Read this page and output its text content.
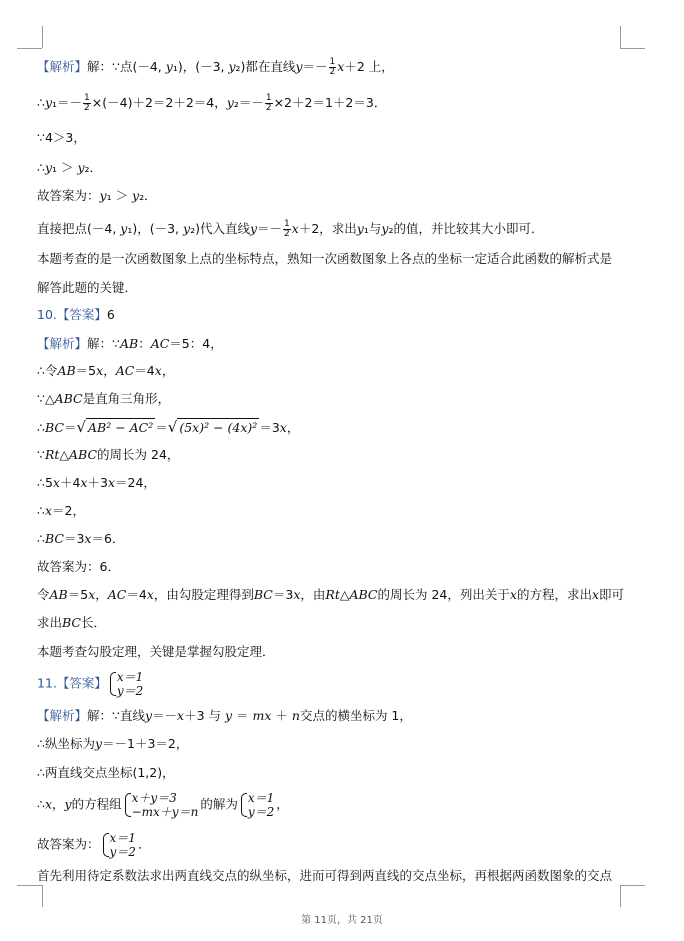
【解析】解：∵点(－4, y₁)，(－3, y₂)都在直线$y=- \frac{1}{2} x+2$ 上，
∴y₁＝－ $\frac{1}{2} \times(-4)+2=2+2=4$，$y_2=- \frac{1}{2} \times 2+2=1+2=3$．
∵4＞3，
∴y₁ ＞ y₂．
故答案为：y₁ ＞ y₂．
直接把点(－4, y₁)，(－3, y₂)代入直线$y=- \frac{1}{2} x+2$，求出y₁与y₂的值，并比较其大小即可．
本题考查的是一次函数图象上点的坐标特点，熟知一次函数图象上各点的坐标一定适合此函数的解析式是
解答此题的关键．
10.【答案】6
【解析】解：∵AB：AC＝5：4，
∴令AB＝5x，AC＝4x，
∵△ABC是直角三角形，
∴BC＝√ AB² − AC² ＝√ (5x)² − (4x)² ＝3x，
∵Rt△ABC的周长为 24，
∴5x＋4x＋3x＝24，
∴x＝2，
∴BC＝3x＝6．
故答案为：6．
令AB＝5x，AC＝4x，由勾股定理得到BC＝3x，由Rt△ABC的周长为 24，列出关于x的方程，求出x即可
求出BC长．
本题考查勾股定理，关键是掌握勾股定理．
11.【答案】 x＝1
y＝2
【解析】解：∵直线y＝－x＋3 与 y ＝ mx ＋ n交点的横坐标为 1，
∴纵坐标为y＝－1＋3＝2，
∴两直线交点坐标(1,2)，
∴x，y的方程组 x＋y＝3
−mx＋y＝n
的解为 x＝1
y＝2
，
故答案为： x＝1
y＝2
．
首先利用待定系数法求出两直线交点的纵坐标，进而可得到两直线的交点坐标，再根据两函数图象的交点
第 11页，共 21页
